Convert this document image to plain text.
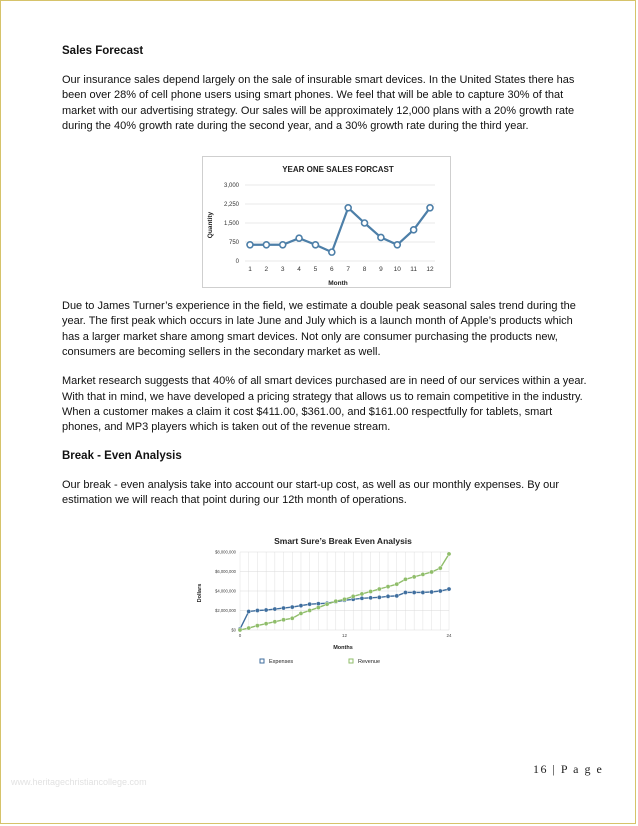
Sales Forecast

Our insurance sales depend largely on the sale of insurable smart devices. In the United States there has been over 28% of cell phone users using smart phones. We feel that will be able to capture 30% of that market with our advertising strategy. Our sales will be approximately 12,000 plans with a 20% growth rate during the 40% growth rate during the second year, and a 30% growth rate during the third year.

Due to James Turner’s experience in the field, we estimate a double peak seasonal sales trend during the year. The first peak which occurs in late June and July which is a launch month of Apple’s products which has a larger market share among smart devices. Not only are consumer purchasing the products new, consumers are becoming sellers in the secondary market as well.

Market research suggests that 40% of all smart devices purchased are in need of our services within a year. With that in mind, we have developed a pricing strategy that allows us to remain competitive in the industry. When a customer makes a claim it cost $411.00, $361.00, and $161.00 respectfully for tablets, smart phones, and MP3 players which is taken out of the revenue stream.

Break - Even Analysis

Our break - even analysis take into account our start-up cost, as well as our monthly expenses. By our estimation we will reach that point during our 12th month of operations.

YEAR ONE SALES FORCAST
Month
Quantity
0
750
1,500
2,250
3,000
1 2 3 4 5 6 7 8 9 10 11 12
Smart Sure’s Break Even Analysis
Months
Dollars
$0
$2,000,000
$4,000,000
$6,000,000
$8,000,000
0	12	24
Expenses	Revenue
16 | P a g e
www.heritagechristiancollege.com
